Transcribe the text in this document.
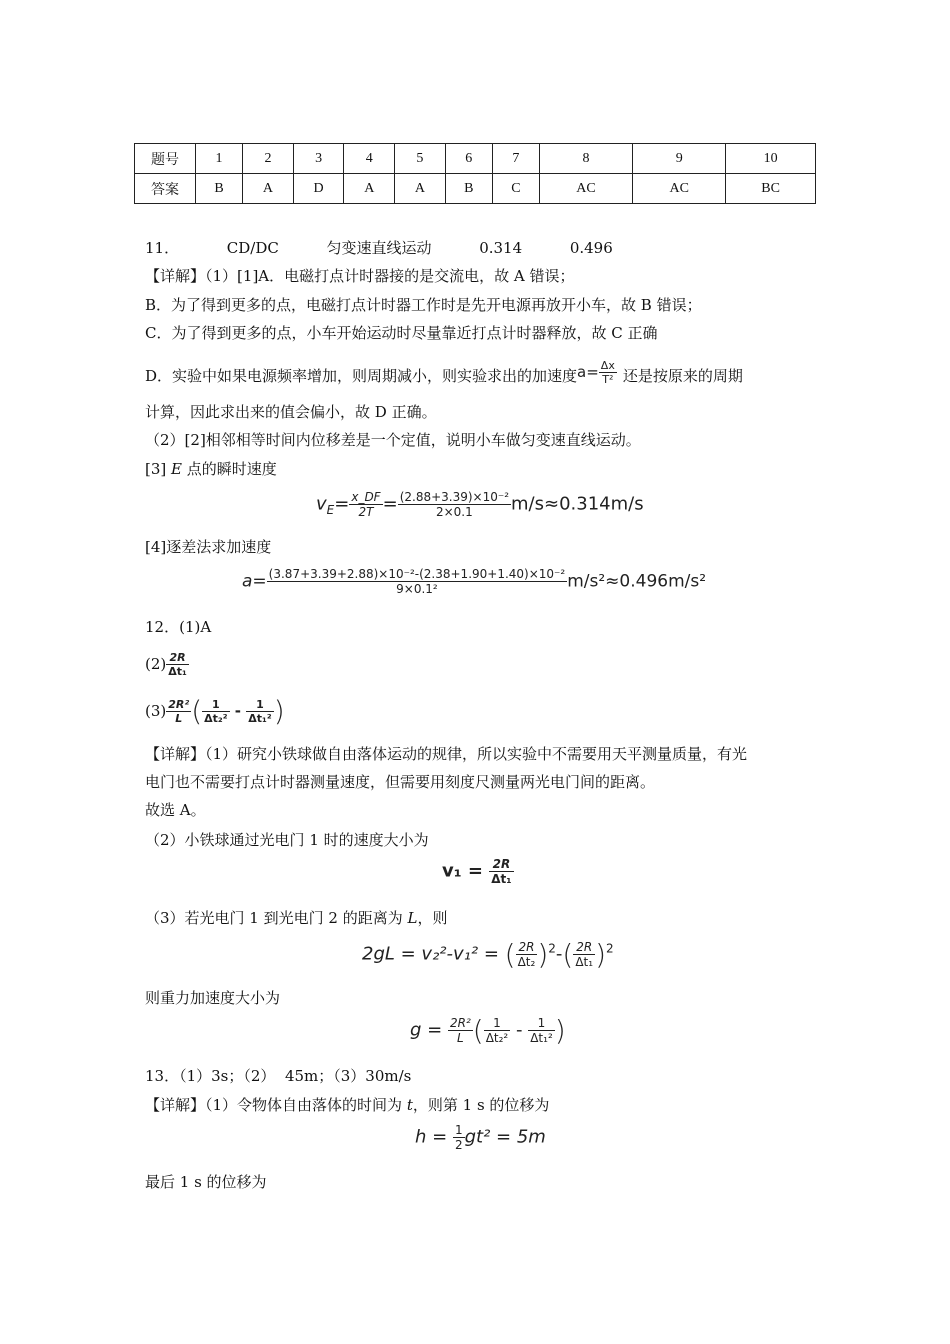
题号	1	2	3	4	5	6	7	8	9	10
答案	B	A	D	A	A	B	C	AC	AC	BC
11．          CD/DC          匀变速直线运动          0.314          0.496
【详解】（1）[1]A．电磁打点计时器接的是交流电，故 A 错误；
B．为了得到更多的点，电磁打点计时器工作时是先开电源再放开小车，故 B 错误；
C．为了得到更多的点，小车开始运动时尽量靠近打点计时器释放，故 C 正确
D．实验中如果电源频率增加，则周期减小，则实验求出的加速度$a= \frac{\Delta x}{\text{T²}}$ 还是按原来的周期
计算，因此求出来的值会偏小，故 D 正确。
（2）[2]相邻相等时间内位移差是一个定值，说明小车做匀变速直线运动。
[3] E 点的瞬时速度
$v_E= \frac{x\_DF}{2T} = \frac{\text{(2.88+3.39)×10⁻²}}{2\times 0.1} m/s\approx 0.314m/s$
[4]逐差法求加速度
$a= \frac{\text{(3.87+3.39+2.88)×10⁻²-(2.38+1.90+1.40)×10⁻²}}{\text{9×0.1²}} m/s^2\approx 0.496m/s^2$
12．(1)A
$(2) \frac{2R}{\text{Δt₁}}$
$(3) \frac{\text{2R²}}{L}$ ( $\frac{1}{\text{Δt₂²}} - \frac{1}{\text{Δt₁²}}$ )
【详解】（1）研究小铁球做自由落体运动的规律，所以实验中不需要用天平测量质量，有光
电门也不需要打点计时器测量速度，但需要用刻度尺测量两光电门间的距离。
故选 A。
（2）小铁球通过光电门 1 时的速度大小为
$v_1 = \frac{2R}{\text{Δt₁}}$
（3）若光电门 1 到光电门 2 的距离为 L，则
2gL = v₂²-v₁² = ( $\frac{2R}{\text{Δt₂}} )^2-( \frac{2R}{\text{Δt₁}} )^2$
则重力加速度大小为
$g = \frac{\text{2R²}}{L}$ ( $\frac{1}{\text{Δt₂²}} - \frac{1}{\text{Δt₁²}}$ )
13．（1）3s；（2）  45m；（3）30m/s
【详解】（1）令物体自由落体的时间为 t，则第 1 s 的位移为
$h = \frac{1}{2} gt^2 = 5m$
最后 1 s 的位移为
